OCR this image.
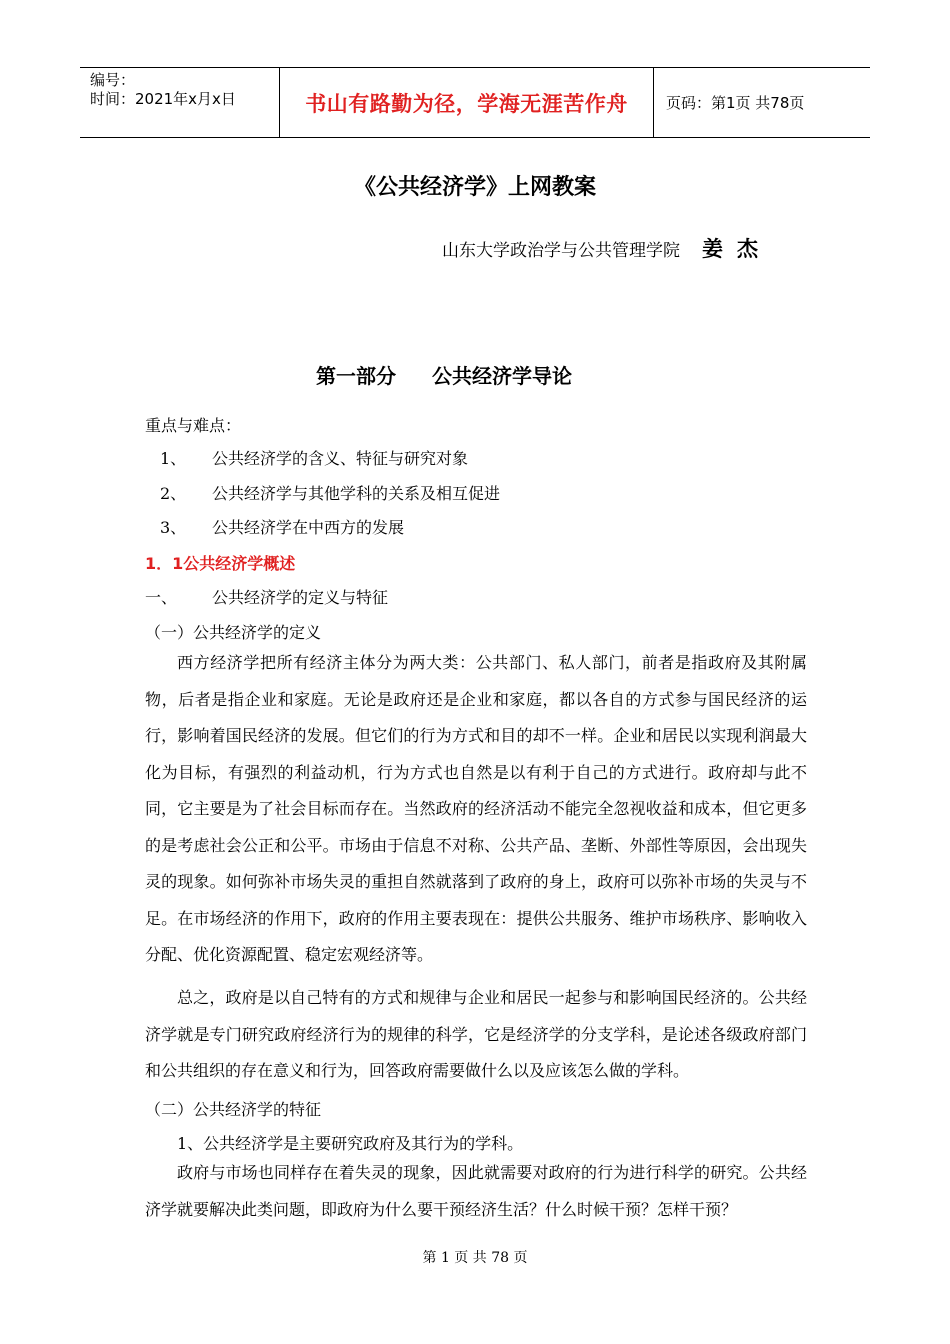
编号：
时间：2021年x月x日	书山有路勤为径，学海无涯苦作舟	页码：第1页 共78页
《公共经济学》上网教案
山东大学政治学与公共管理学院 姜杰
第一部分 公共经济学导论
重点与难点：
1、 公共经济学的含义、特征与研究对象
2、 公共经济学与其他学科的关系及相互促进
3、 公共经济学在中西方的发展
1．1公共经济学概述
一、 公共经济学的定义与特征
（一）公共经济学的定义
西方经济学把所有经济主体分为两大类：公共部门、私人部门，前者是指政府及其附属物，后者是指企业和家庭。无论是政府还是企业和家庭，都以各自的方式参与国民经济的运行，影响着国民经济的发展。但它们的行为方式和目的却不一样。企业和居民以实现利润最大化为目标，有强烈的利益动机，行为方式也自然是以有利于自己的方式进行。政府却与此不同，它主要是为了社会目标而存在。当然政府的经济活动不能完全忽视收益和成本，但它更多的是考虑社会公正和公平。市场由于信息不对称、公共产品、垄断、外部性等原因，会出现失灵的现象。如何弥补市场失灵的重担自然就落到了政府的身上，政府可以弥补市场的失灵与不足。在市场经济的作用下，政府的作用主要表现在：提供公共服务、维护市场秩序、影响收入分配、优化资源配置、稳定宏观经济等。
总之，政府是以自己特有的方式和规律与企业和居民一起参与和影响国民经济的。公共经济学就是专门研究政府经济行为的规律的科学，它是经济学的分支学科，是论述各级政府部门和公共组织的存在意义和行为，回答政府需要做什么以及应该怎么做的学科。
（二）公共经济学的特征
1、公共经济学是主要研究政府及其行为的学科。
政府与市场也同样存在着失灵的现象，因此就需要对政府的行为进行科学的研究。公共经济学就要解决此类问题，即政府为什么要干预经济生活？什么时候干预？怎样干预？
第 1 页 共 78 页
